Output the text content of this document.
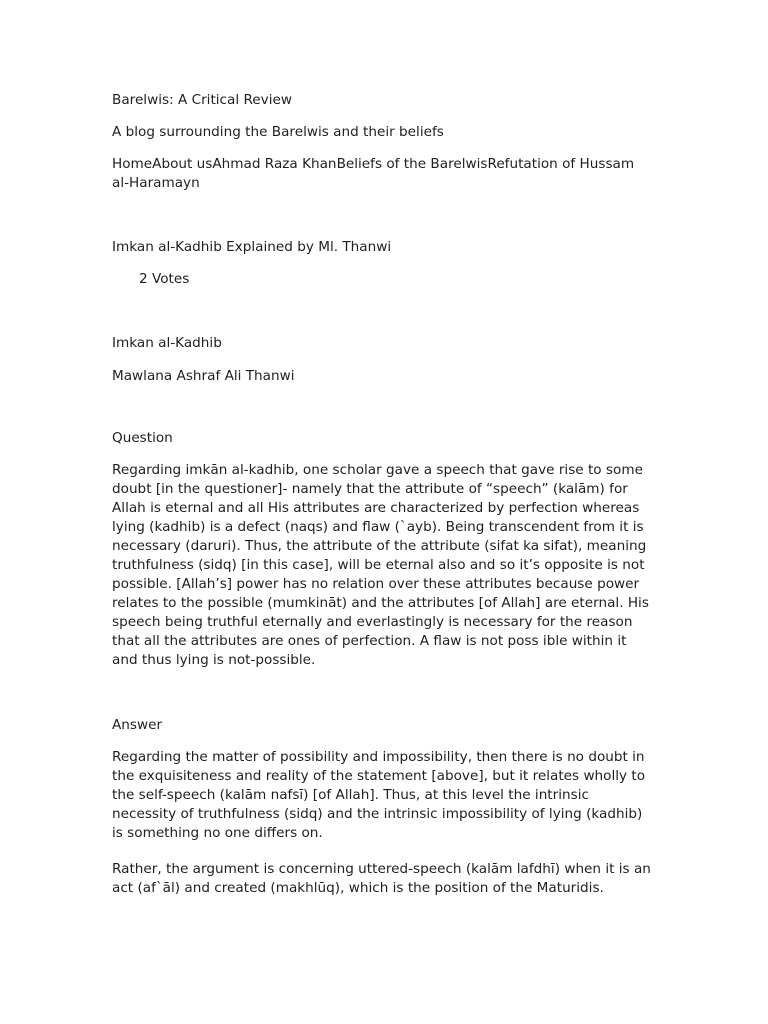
Barelwis: A Critical Review
A blog surrounding the Barelwis and their beliefs
HomeAbout usAhmad Raza KhanBeliefs of the BarelwisRefutation of Hussam al-Haramayn
Imkan al-Kadhib Explained by Ml. Thanwi
2 Votes
Imkan al-Kadhib
Mawlana Ashraf Ali Thanwi
Question
Regarding imkān al-kadhib, one scholar gave a speech that gave rise to some doubt [in the questioner]- namely that the attribute of “speech” (kalām) for Allah is eternal and all His attributes are characterized by perfection whereas lying (kadhib) is a defect (naqs) and flaw (`ayb). Being transcendent from it is necessary (daruri). Thus, the attribute of the attribute (sifat ka sifat), meaning truthfulness (sidq) [in this case], will be eternal also and so it’s opposite is not possible. [Allah’s] power has no relation over these attributes because power relates to the possible (mumkināt) and the attributes [of Allah] are eternal. His speech being truthful eternally and everlastingly is necessary for the reason that all the attributes are ones of perfection. A flaw is not poss ible within it and thus lying is not-possible.
Answer
Regarding the matter of possibility and impossibility, then there is no doubt in the exquisiteness and reality of the statement [above], but it relates wholly to the self-speech (kalām nafsī) [of Allah]. Thus, at this level the intrinsic necessity of truthfulness (sidq) and the intrinsic impossibility of lying (kadhib) is something no one differs on.
Rather, the argument is concerning uttered-speech (kalām lafdhī) when it is an act (af`āl) and created (makhlūq), which is the position of the Maturidis.
